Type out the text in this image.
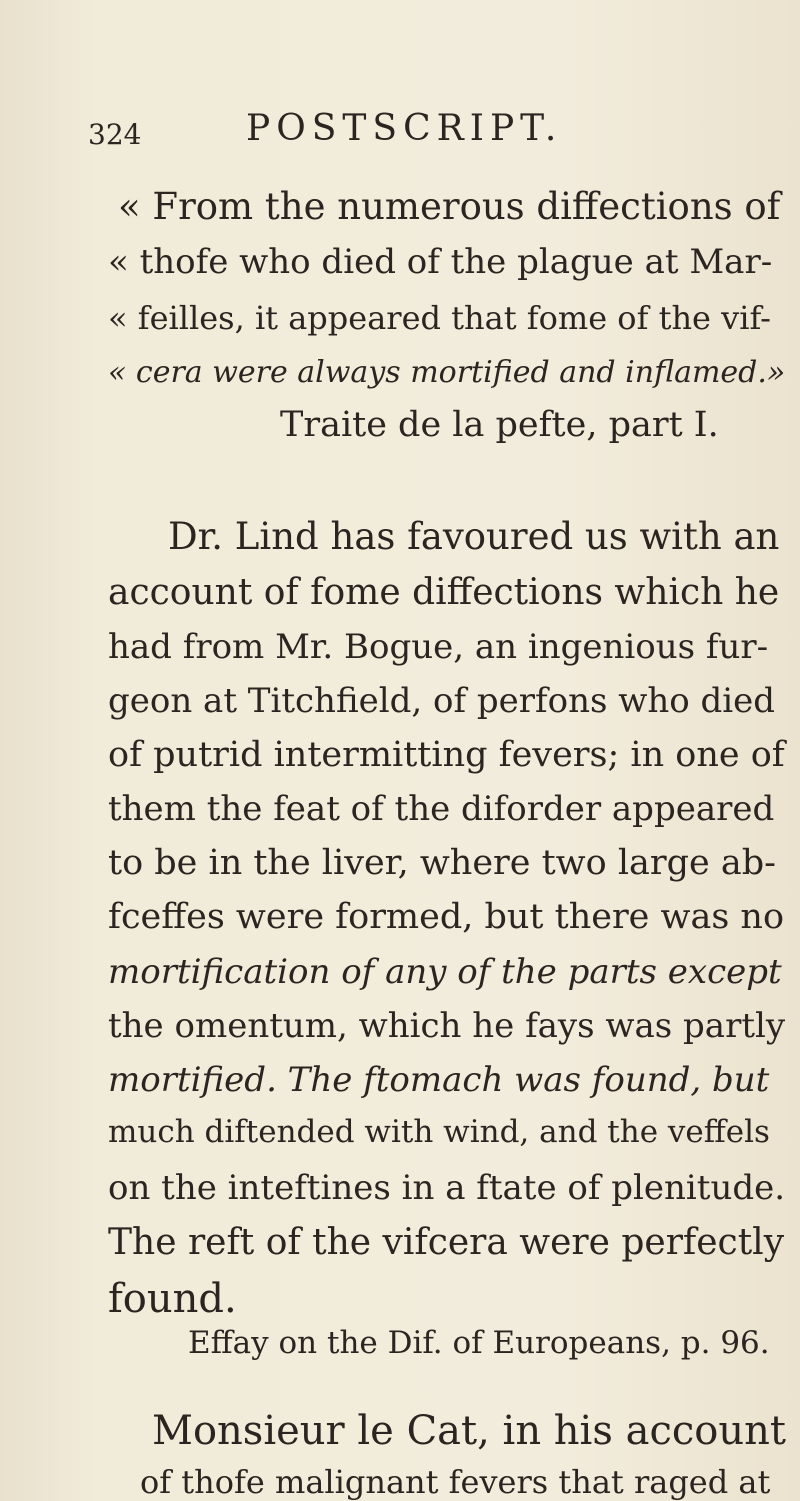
324	POSTSCRIPT.
« From the numerous diffections of
« thofe who died of the plague at Mar-
« feilles, it appeared that fome of the vif-
« cera were always mortified and inflamed.»
Traite de la pefte, part I.
Dr. Lind has favoured us with an
account of fome diffections which he
had from Mr. Bogue, an ingenious fur-
geon at Titchfield, of perfons who died
of putrid intermitting fevers; in one of
them the feat of the diforder appeared
to be in the liver, where two large ab-
fceffes were formed, but there was no
mortification of any of the parts except
the omentum, which he fays was partly
mortified. The ftomach was found, but
much diftended with wind, and the veffels
on the inteftines in a ftate of plenitude.
The reft of the vifcera were perfectly
found.
Effay on the Dif. of Europeans, p. 96.
Monsieur le Cat, in his account
of thofe malignant fevers that raged at
